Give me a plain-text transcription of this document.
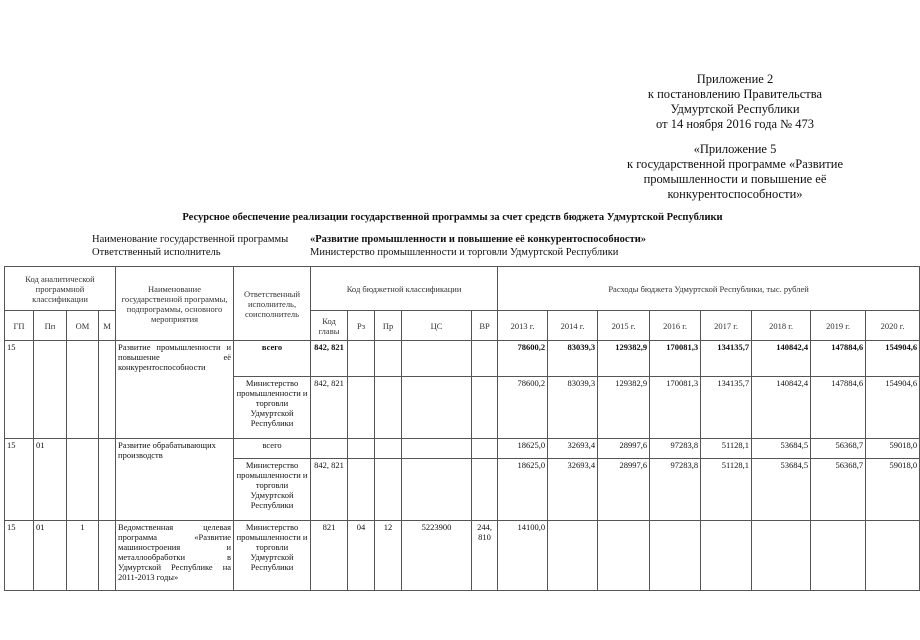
Приложение 2
к постановлению Правительства
Удмуртской Республики
от 14 ноября 2016 года № 473
«Приложение 5
к государственной программе «Развитие
промышленности и повышение её
конкурентоспособности»
Ресурсное обеспечение реализации государственной программы за счет средств бюджета Удмуртской Республики
Наименование государственной программы
Ответственный исполнитель
«Развитие промышленности и повышение её конкурентоспособности»
Министерство промышленности и торговли Удмуртской Республики
Код аналитической программной классификации				Наименование государственной программы, подпрограммы, основного мероприятия	Ответственный исполнитель, соисполнитель	Код бюджетной классификации					Расходы бюджета Удмуртской Республики, тыс. рублей							
ГП	Пп	ОМ	М			Код главы	Рз	Пр	ЦС	ВР	2013 г.	2014 г.	2015 г.	2016 г.	2017 г.	2018 г.	2019 г.	2020 г.
15				Развитие промышленности и повышение её конкурентоспособности	всего	842, 821					78600,2	83039,3	129382,9	170081,3	134135,7	140842,4	147884,6	154904,6
					Министерство промышленности и торговли Удмуртской Республики	842, 821					78600,2	83039,3	129382,9	170081,3	134135,7	140842,4	147884,6	154904,6
15	01			Развитие обрабатывающих производств	всего						18625,0	32693,4	28997,6	97283,8	51128,1	53684,5	56368,7	59018,0
					Министерство промышленности и торговли Удмуртской Республики	842, 821					18625,0	32693,4	28997,6	97283,8	51128,1	53684,5	56368,7	59018,0
15	01	1		Ведомственная целевая программа «Развитие машиностроения и металлообработки в Удмуртской Республике на 2011-2013 годы»	Министерство промышленности и торговли Удмуртской Республики	821	04	12	5223900	244, 810	14100,0							
